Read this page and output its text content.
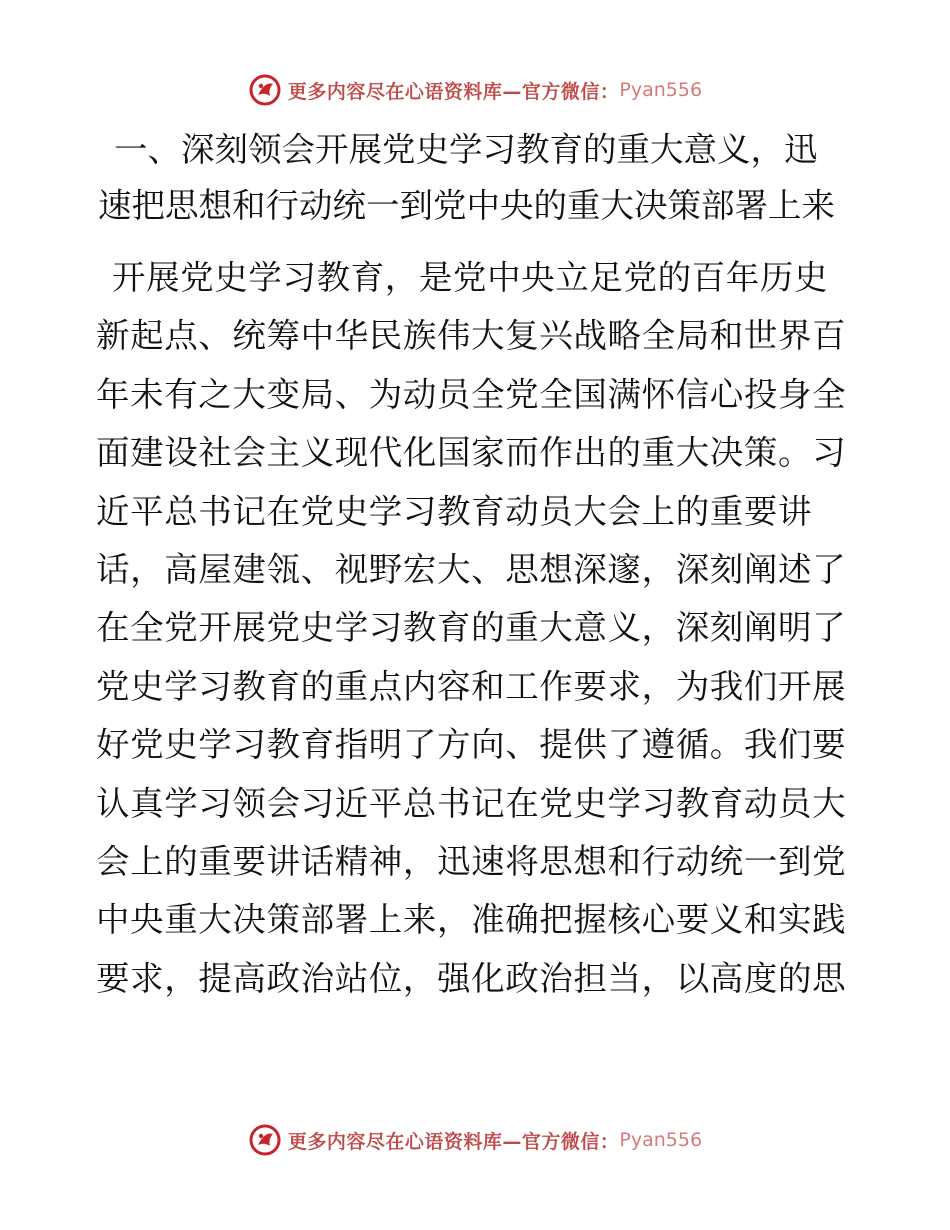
更多内容尽在心语资料库—官方微信： Pyan556
一、深刻领会开展党史学习教育的重大意义，迅
速把思想和行动统一到党中央的重大决策部署上来
开展党史学习教育，是党中央立足党的百年历史
新起点、统筹中华民族伟大复兴战略全局和世界百
年未有之大变局、为动员全党全国满怀信心投身全
面建设社会主义现代化国家而作出的重大决策。习
近平总书记在党史学习教育动员大会上的重要讲
话，高屋建瓴、视野宏大、思想深邃，深刻阐述了
在全党开展党史学习教育的重大意义，深刻阐明了
党史学习教育的重点内容和工作要求，为我们开展
好党史学习教育指明了方向、提供了遵循。我们要
认真学习领会习近平总书记在党史学习教育动员大
会上的重要讲话精神，迅速将思想和行动统一到党
中央重大决策部署上来，准确把握核心要义和实践
要求，提高政治站位，强化政治担当，以高度的思
更多内容尽在心语资料库—官方微信： Pyan556
